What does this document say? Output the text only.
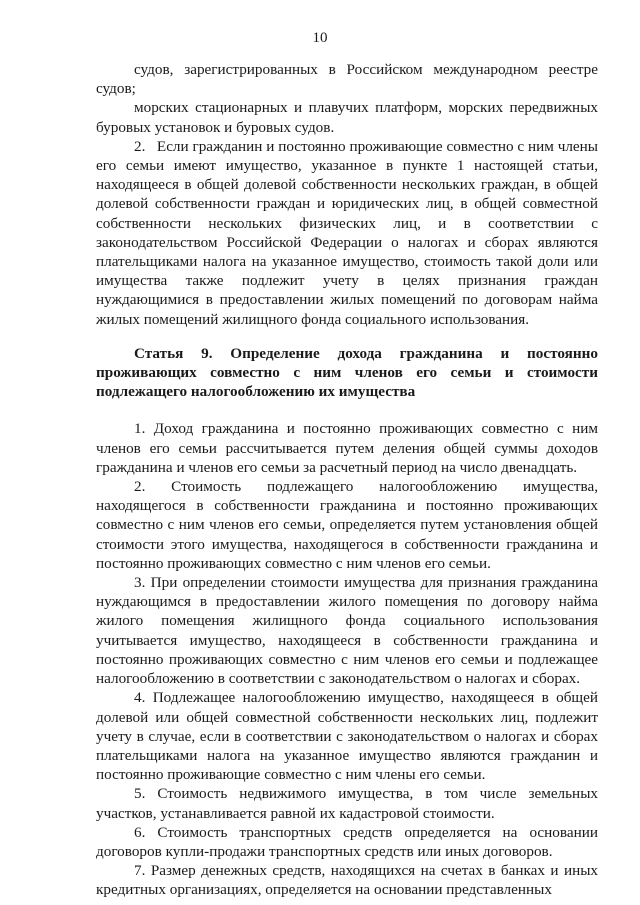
10

судов, зарегистрированных в Российском международном реестре судов;

морских стационарных и плавучих платформ, морских передвижных буровых установок и буровых судов.

2.   Если гражданин и постоянно проживающие совместно с ним члены его семьи имеют имущество, указанное в пункте 1 настоящей статьи, находящееся в общей долевой собственности нескольких граждан, в общей долевой собственности граждан и юридических лиц, в общей совместной собственности нескольких физических лиц, и в соответствии с законодательством Российской Федерации о налогах и сборах являются плательщиками налога на указанное имущество, стоимость такой доли или имущества также подлежит учету в целях признания граждан нуждающимися в предоставлении жилых помещений по договорам найма жилых помещений жилищного фонда социального использования.

Статья 9. Определение дохода гражданина и постоянно проживающих совместно с ним членов его семьи и стоимости подлежащего налогообложению их имущества

1. Доход гражданина и постоянно проживающих совместно с ним членов его семьи рассчитывается путем деления общей суммы доходов гражданина и членов его семьи за расчетный период на число двенадцать.

2. Стоимость подлежащего налогообложению имущества, находящегося в собственности гражданина и постоянно проживающих совместно с ним членов его семьи, определяется путем установления общей стоимости этого имущества, находящегося в собственности гражданина и постоянно проживающих совместно с ним членов его семьи.

3. При определении стоимости имущества для признания гражданина нуждающимся в предоставлении жилого помещения по договору найма жилого помещения жилищного фонда социального использования учитывается имущество, находящееся в собственности гражданина и постоянно проживающих совместно с ним членов его семьи и подлежащее налогообложению в соответствии с законодательством о налогах и сборах.

4. Подлежащее налогообложению имущество, находящееся в общей долевой или общей совместной собственности нескольких лиц, подлежит учету в случае, если в соответствии с законодательством о налогах и сборах плательщиками налога на указанное имущество являются гражданин и постоянно проживающие совместно с ним члены его семьи.

5. Стоимость недвижимого имущества, в том числе земельных участков, устанавливается равной их кадастровой стоимости.

6. Стоимость транспортных средств определяется на основании договоров купли-продажи транспортных средств или иных договоров.

7. Размер денежных средств, находящихся на счетах в банках и иных кредитных организациях, определяется на основании представленных
